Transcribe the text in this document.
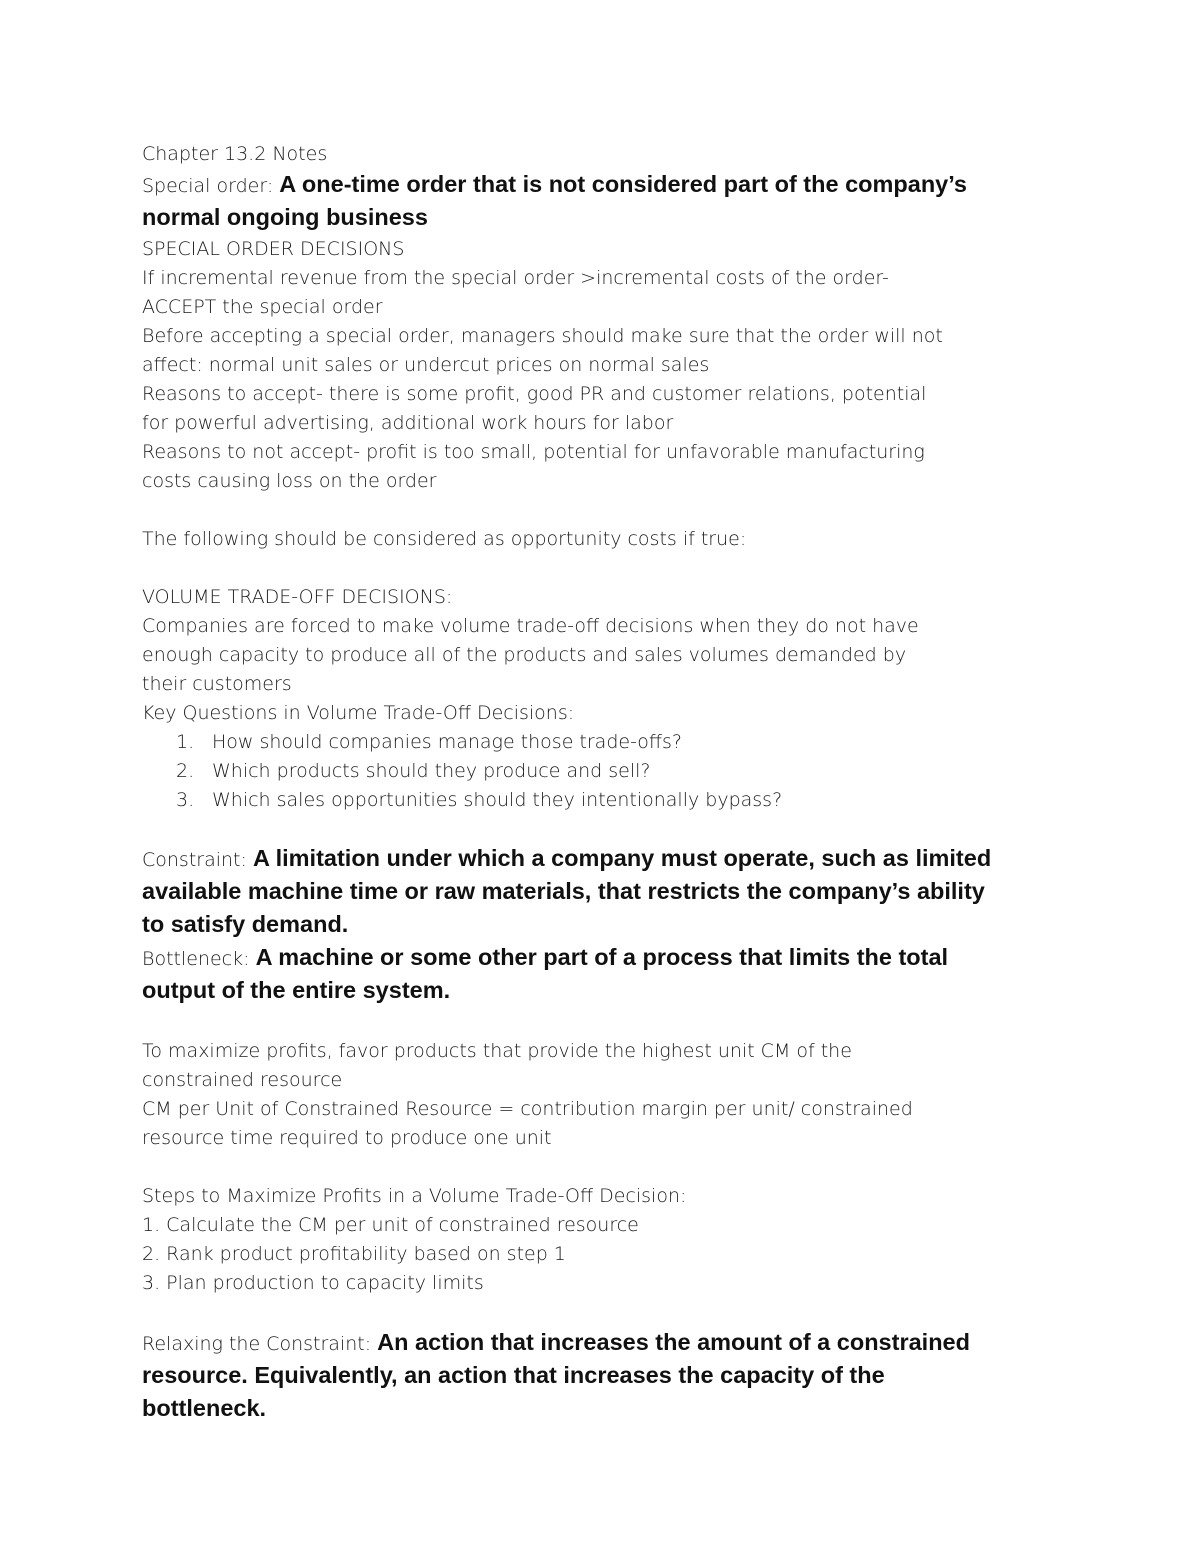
Chapter 13.2 Notes
Special order: A one-time order that is not considered part of the company’s
normal ongoing business
SPECIAL ORDER DECISIONS
If incremental revenue from the special order >incremental costs of the order-
ACCEPT the special order
Before accepting a special order, managers should make sure that the order will not
affect: normal unit sales or undercut prices on normal sales
Reasons to accept- there is some profit, good PR and customer relations, potential
for powerful advertising, additional work hours for labor
Reasons to not accept- profit is too small, potential for unfavorable manufacturing
costs causing loss on the order
The following should be considered as opportunity costs if true:
VOLUME TRADE-OFF DECISIONS:
Companies are forced to make volume trade-off decisions when they do not have
enough capacity to produce all of the products and sales volumes demanded by
their customers
Key Questions in Volume Trade-Off Decisions:
1. How should companies manage those trade-offs?
2. Which products should they produce and sell?
3. Which sales opportunities should they intentionally bypass?
Constraint: A limitation under which a company must operate, such as limited
available machine time or raw materials, that restricts the company’s ability
to satisfy demand.
Bottleneck: A machine or some other part of a process that limits the total
output of the entire system.
To maximize profits, favor products that provide the highest unit CM of the
constrained resource
CM per Unit of Constrained Resource = contribution margin per unit/ constrained
resource time required to produce one unit
Steps to Maximize Profits in a Volume Trade-Off Decision:
1. Calculate the CM per unit of constrained resource
2. Rank product profitability based on step 1
3. Plan production to capacity limits
Relaxing the Constraint: An action that increases the amount of a constrained
resource. Equivalently, an action that increases the capacity of the
bottleneck.
